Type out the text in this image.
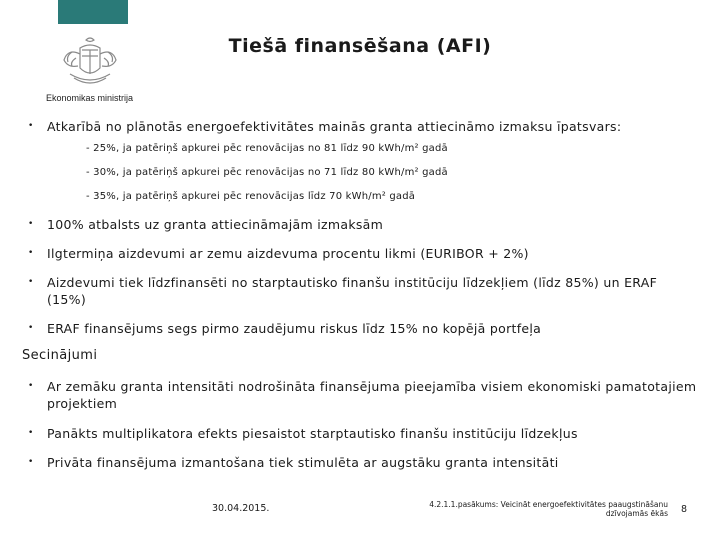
Ekonomikas ministrija
Tiešā finansēšana (AFI)
• Atkarībā no plānotās energoefektivitātes mainās granta attiecināmo izmaksu īpatsvars:
- 25%, ja patēriņš apkurei pēc renovācijas no 81 līdz 90 kWh/m² gadā
- 30%, ja patēriņš apkurei pēc renovācijas no 71 līdz 80 kWh/m² gadā
- 35%, ja patēriņš apkurei pēc renovācijas līdz 70 kWh/m² gadā
• 100% atbalsts uz granta attiecināmajām izmaksām
• Ilgtermiņa aizdevumi ar zemu aizdevuma procentu likmi (EURIBOR + 2%)
• Aizdevumi tiek līdzfinansēti no starptautisko finanšu institūciju līdzekļiem (līdz 85%) un ERAF (15%)
• ERAF finansējums segs pirmo zaudējumu riskus līdz 15% no kopējā portfeļa
Secinājumi
• Ar zemāku granta intensitāti nodrošināta finansējuma pieejamība visiem ekonomiski pamatotajiem projektiem
• Panākts multiplikatora efekts piesaistot starptautisko finanšu institūciju līdzekļus
• Privāta finansējuma izmantošana tiek stimulēta ar augstāku granta intensitāti
30.04.2015.	4.2.1.1.pasākums: Veicināt energoefektivitātes paaugstināšanu
dzīvojamās ēkās 8
